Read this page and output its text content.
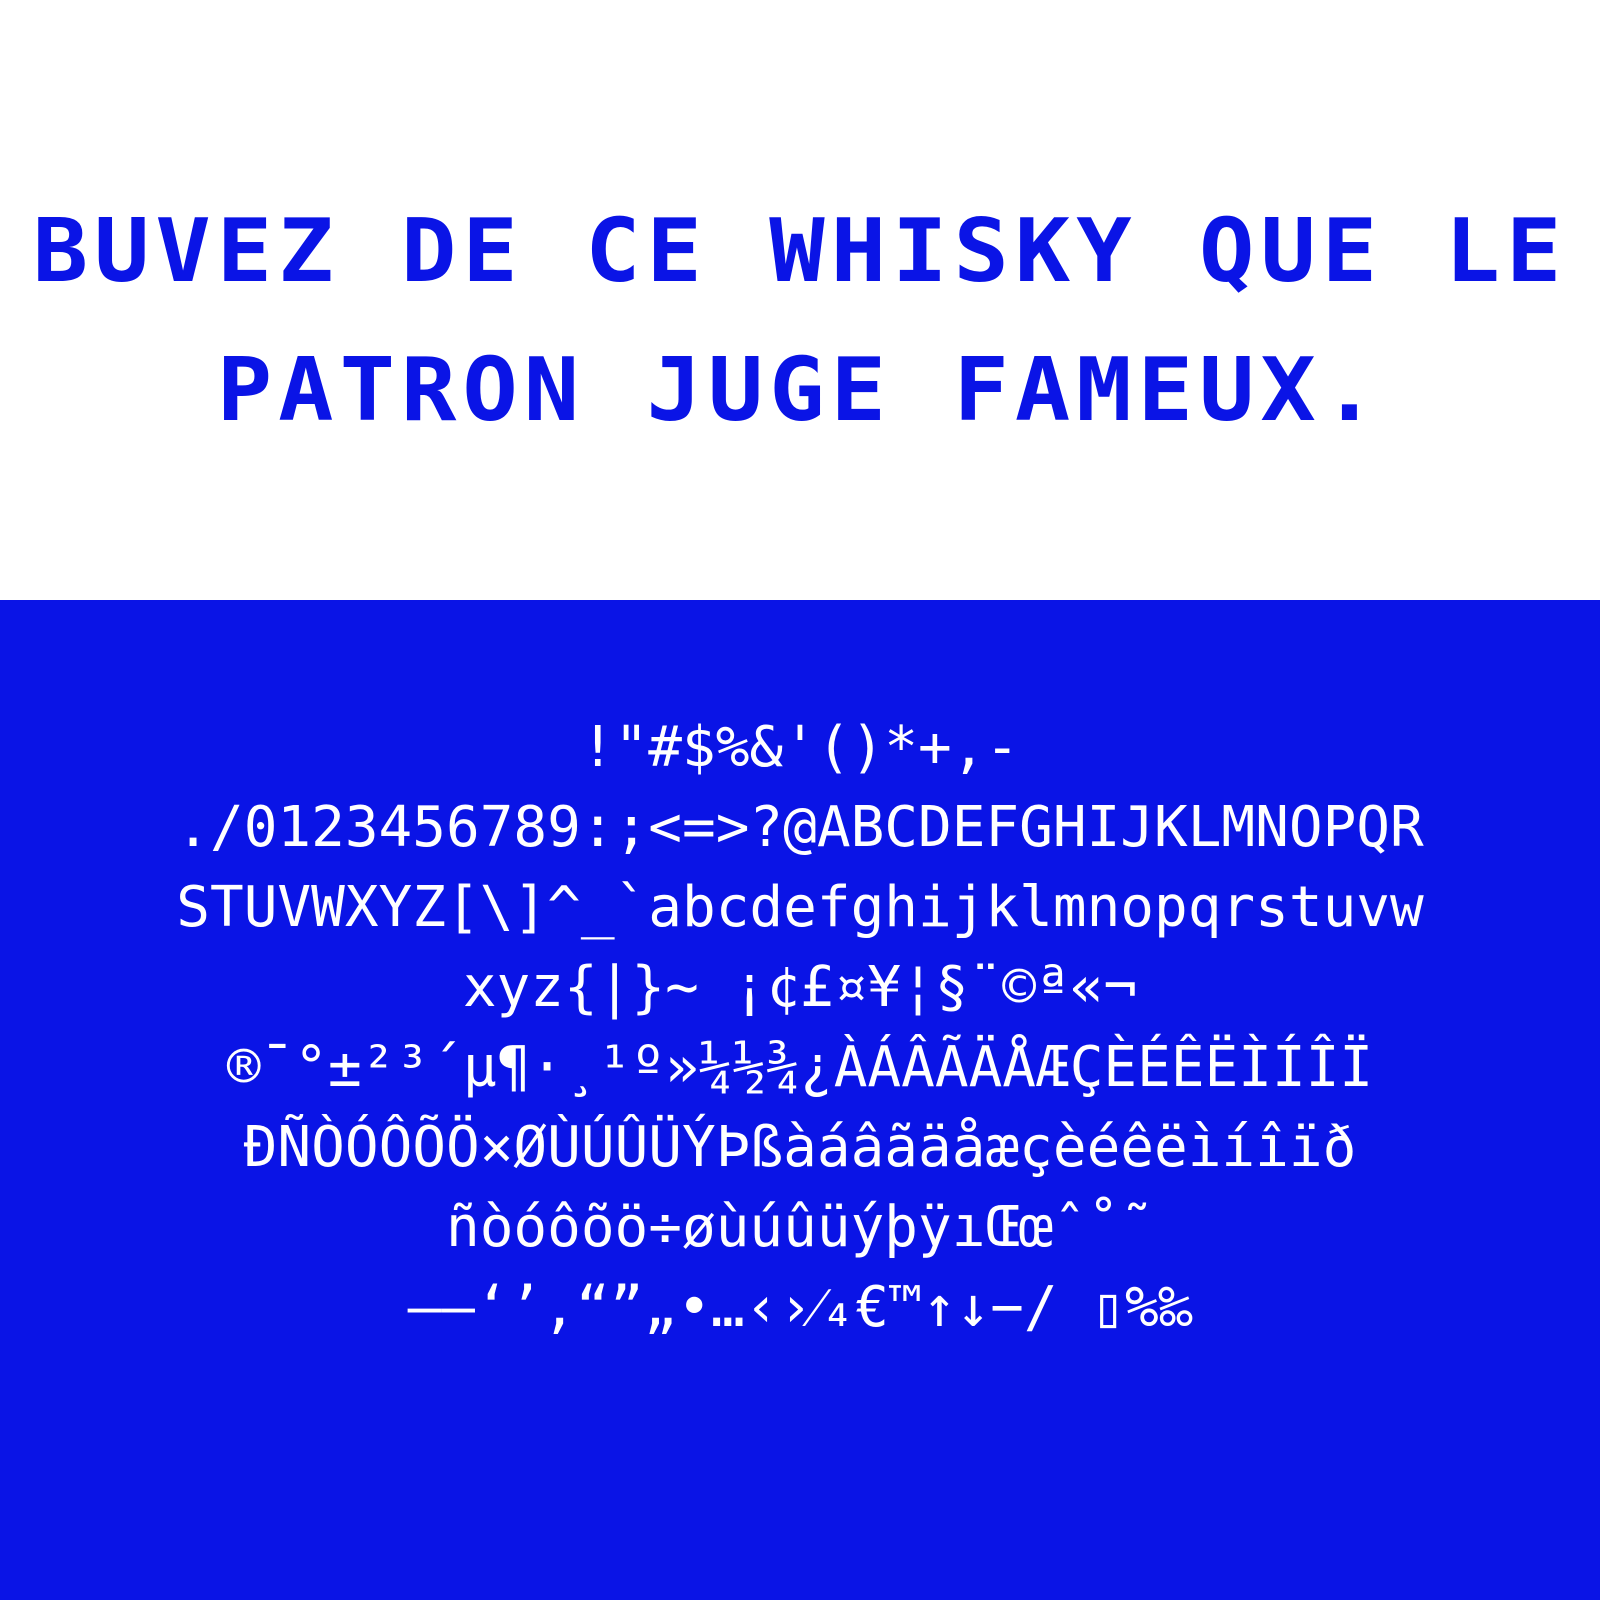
BUVEZ DE CE WHISKY QUE LE
PATRON JUGE FAMEUX.
!"#$%&'()*+,-
./0123456789:;<=>?@ABCDEFGHIJKLMNOPQR
STUVWXYZ[\]^_`abcdefghijklmnopqrstuvw
xyz{|}~ ¡¢£¤¥¦§¨©ª«¬
®¯°±²³´µ¶·¸¹º»¼½¾¿ÀÁÂÃÄÅÆÇÈÉÊËÌÍÎÏ
ÐÑÒÓÔÕÖ×ØÙÚÛÜÝÞßàáâãäåæçèéêëìíîïð
ñòóôõö÷øùúûüýþÿıŒœˆ˚˜
–—‘’‚“”„•…‹›⁄₄€™↑↓−∕ ▯%‰
